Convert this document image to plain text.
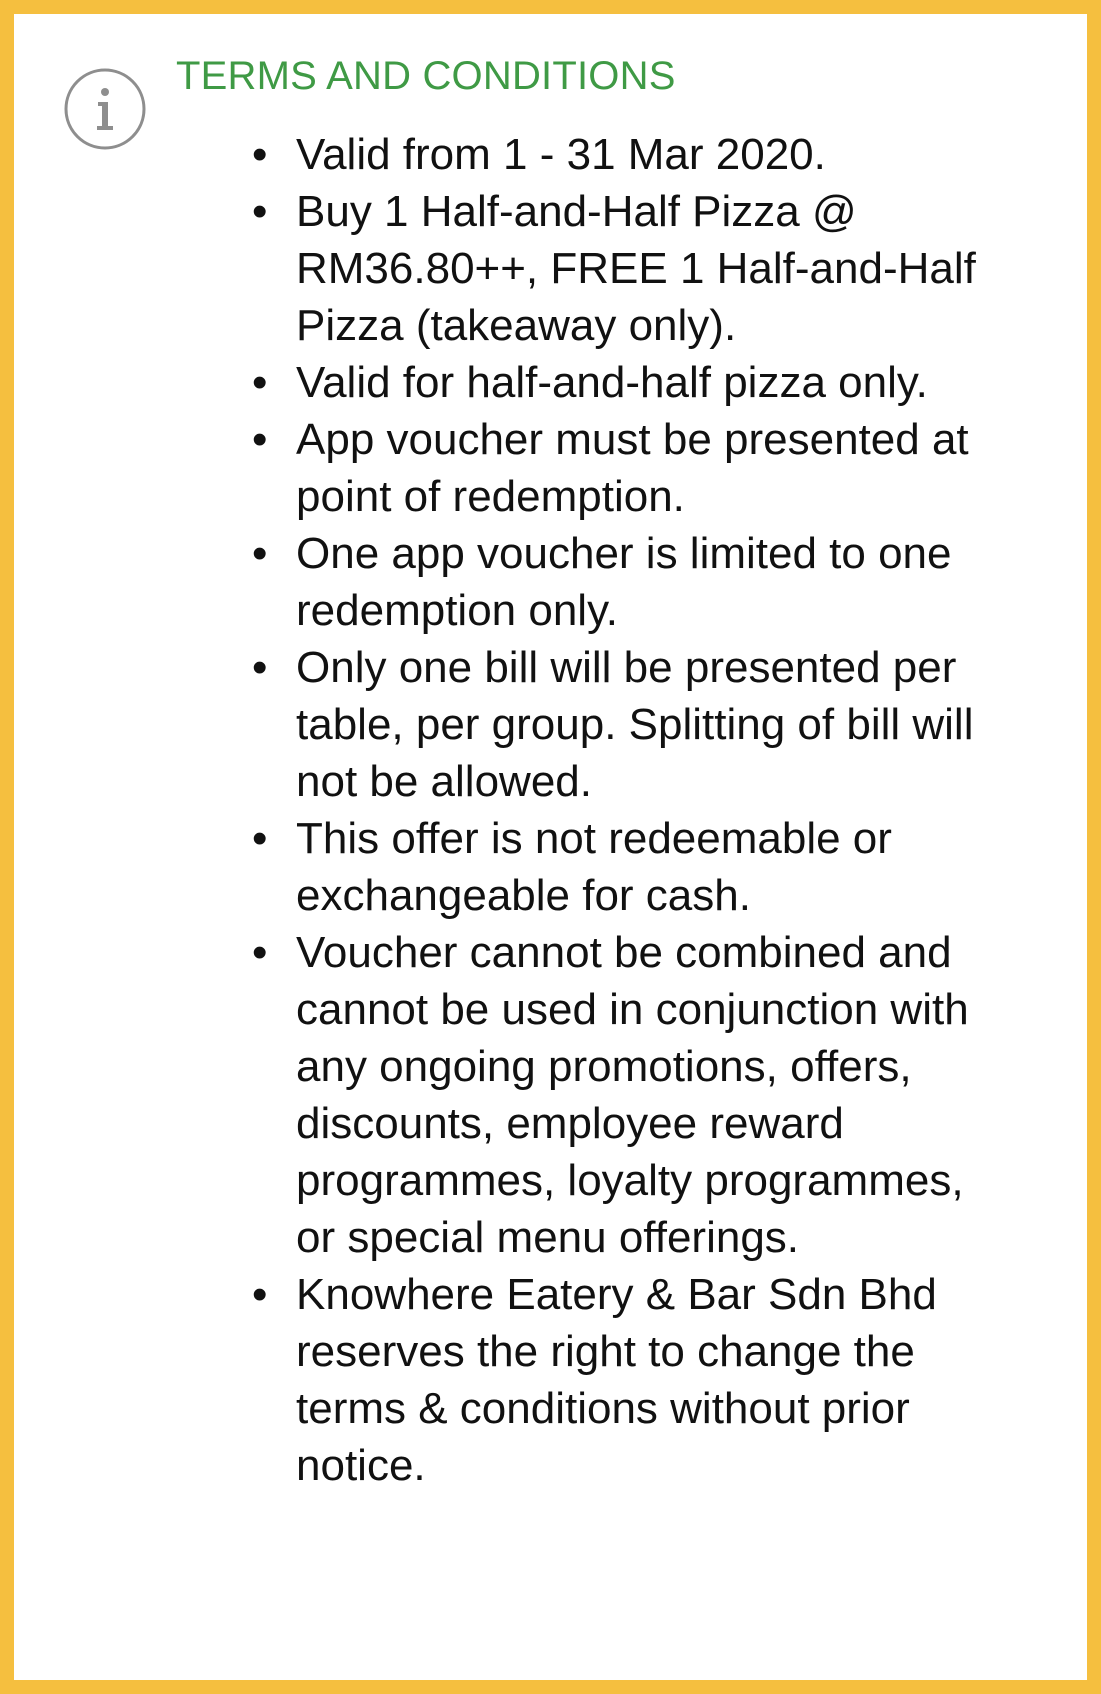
TERMS AND CONDITIONS
• Valid from 1 - 31 Mar 2020.
• Buy 1 Half-and-Half Pizza @ RM36.80++, FREE 1 Half-and-Half Pizza (takeaway only).
• Valid for half-and-half pizza only.
• App voucher must be presented at point of redemption.
• One app voucher is limited to one redemption only.
• Only one bill will be presented per table, per group. Splitting of bill will not be allowed.
• This offer is not redeemable or exchangeable for cash.
• Voucher cannot be combined and cannot be used in conjunction with any ongoing promotions, offers, discounts, employee reward programmes, loyalty programmes, or special menu offerings.
• Knowhere Eatery & Bar Sdn Bhd reserves the right to change the terms & conditions without prior notice.
